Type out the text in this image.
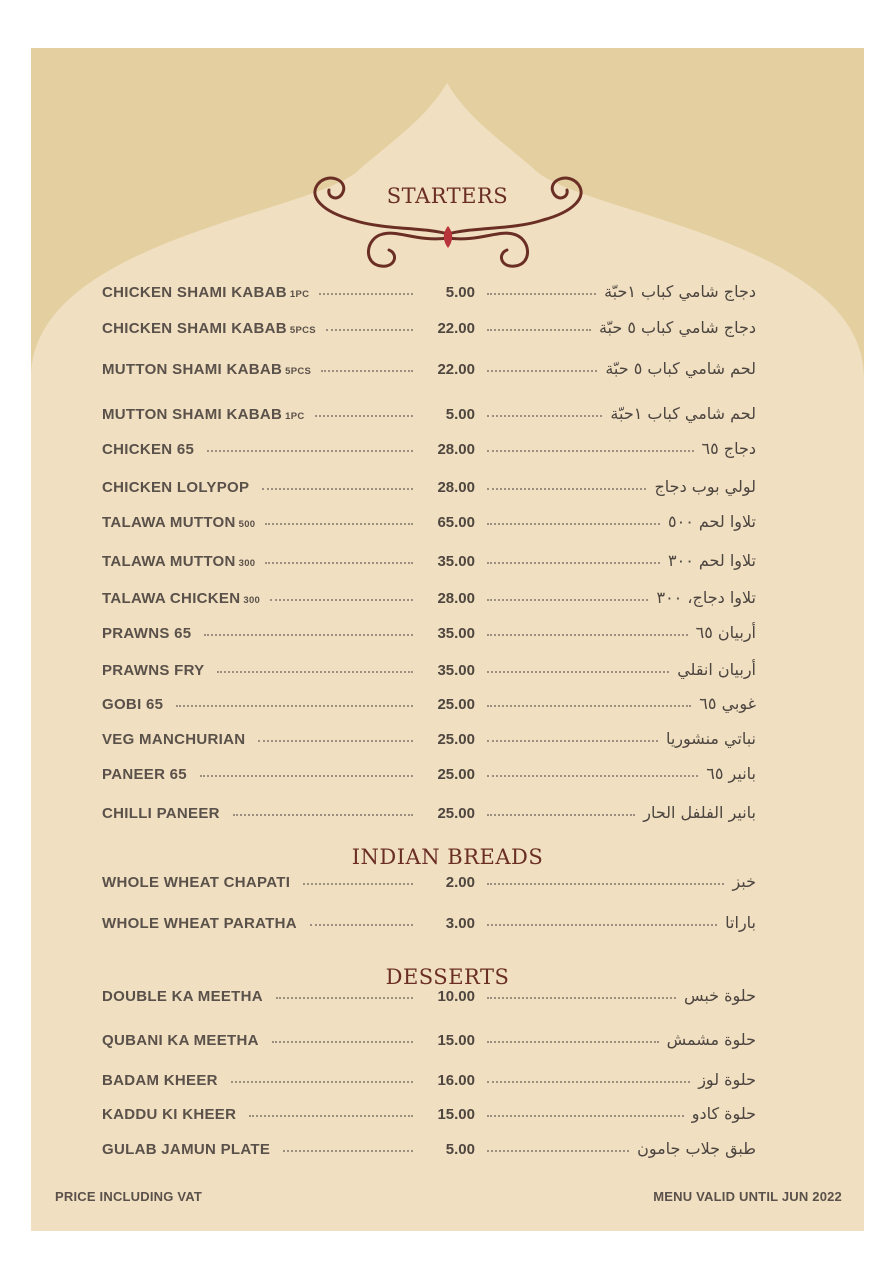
STARTERS
CHICKEN SHAMI KABAB 1PC	5.00	دجاج شامي كباب ١حبّة
CHICKEN SHAMI KABAB 5PCS	22.00	دجاج شامي كباب ٥ حبّة
MUTTON SHAMI KABAB 5PCS	22.00	لحم شامي كباب ٥ حبّة
MUTTON SHAMI KABAB 1PC	5.00	لحم شامي كباب ١حبّة
CHICKEN 65	28.00	دجاج ٦٥
CHICKEN LOLYPOP	28.00	لولي بوب دجاج
TALAWA MUTTON 500	65.00	تلاوا لحم ٥٠٠
TALAWA MUTTON 300	35.00	تلاوا لحم ٣٠٠
TALAWA CHICKEN 300	28.00	تلاوا دجاج، ٣٠٠
PRAWNS 65	35.00	أربيان ٦٥
PRAWNS FRY	35.00	أربيان انقلي
GOBI 65	25.00	غوبي ٦٥
VEG MANCHURIAN	25.00	نباتي منشوريا
PANEER 65	25.00	بانير ٦٥
CHILLI PANEER	25.00	بانير الفلفل الحار
INDIAN BREADS
WHOLE WHEAT CHAPATI	2.00	خبز
WHOLE WHEAT PARATHA	3.00	باراتا
DESSERTS
DOUBLE KA MEETHA	10.00	حلوة خبس
QUBANI KA MEETHA	15.00	حلوة مشمش
BADAM KHEER	16.00	حلوة لوز
KADDU KI KHEER	15.00	حلوة كادو
GULAB JAMUN PLATE	5.00	طبق جلاب جامون
PRICE INCLUDING VAT	MENU VALID UNTIL JUN 2022
